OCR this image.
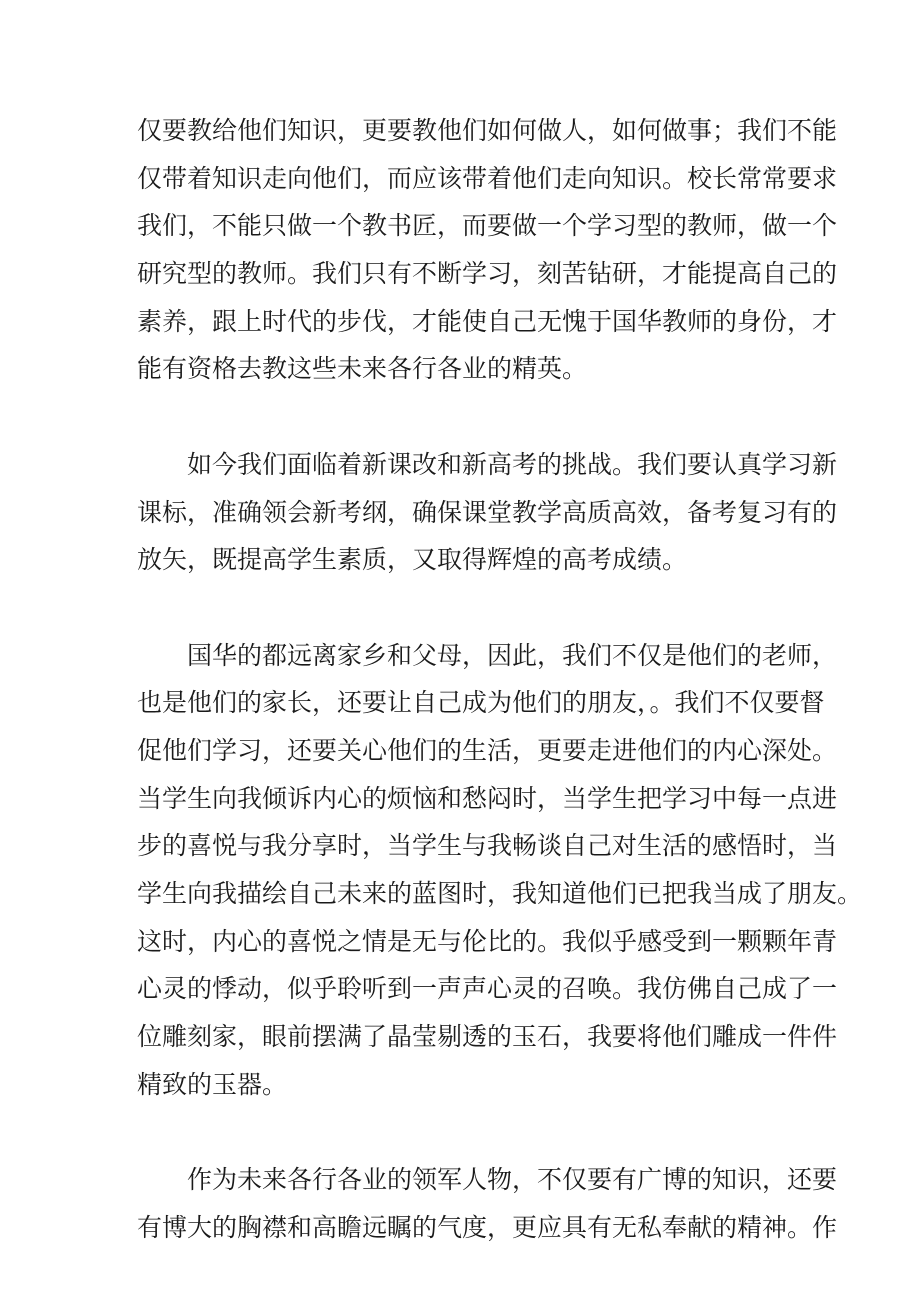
仅要教给他们知识，更要教他们如何做人，如何做事；我们不能
仅带着知识走向他们，而应该带着他们走向知识。校长常常要求
我们，不能只做一个教书匠，而要做一个学习型的教师，做一个
研究型的教师。我们只有不断学习，刻苦钻研，才能提高自己的
素养，跟上时代的步伐，才能使自己无愧于国华教师的身份，才
能有资格去教这些未来各行各业的精英。
如今我们面临着新课改和新高考的挑战。我们要认真学习新
课标，准确领会新考纲，确保课堂教学高质高效，备考复习有的
放矢，既提高学生素质，又取得辉煌的高考成绩。
国华的都远离家乡和父母，因此，我们不仅是他们的老师，
也是他们的家长，还要让自己成为他们的朋友，。我们不仅要督
促他们学习，还要关心他们的生活，更要走进他们的内心深处。
当学生向我倾诉内心的烦恼和愁闷时，当学生把学习中每一点进
步的喜悦与我分享时，当学生与我畅谈自己对生活的感悟时，当
学生向我描绘自己未来的蓝图时，我知道他们已把我当成了朋友。
这时，内心的喜悦之情是无与伦比的。我似乎感受到一颗颗年青
心灵的悸动，似乎聆听到一声声心灵的召唤。我仿佛自己成了一
位雕刻家，眼前摆满了晶莹剔透的玉石，我要将他们雕成一件件
精致的玉器。
作为未来各行各业的领军人物，不仅要有广博的知识，还要
有博大的胸襟和高瞻远瞩的气度，更应具有无私奉献的精神。作
